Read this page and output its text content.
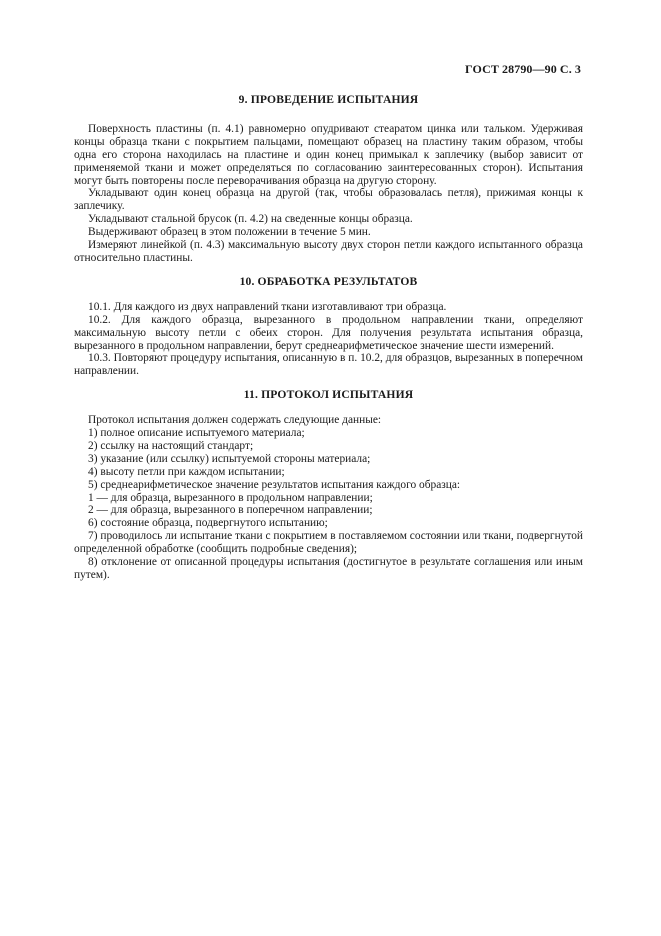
ГОСТ 28790—90 С. 3
9. ПРОВЕДЕНИЕ ИСПЫТАНИЯ

Поверхность пластины (п. 4.1) равномерно опудривают стеаратом цинка или тальком. Удерживая концы образца ткани с покрытием пальцами, помещают образец на пластину таким образом, чтобы одна его сторона находилась на пластине и один конец примыкал к заплечику (выбор зависит от применяемой ткани и может определяться по согласованию заинтересованных сторон). Испытания могут быть повторены после переворачивания образца на другую сторону.

Укладывают один конец образца на другой (так, чтобы образовалась петля), прижимая концы к заплечику.

Укладывают стальной брусок (п. 4.2) на сведенные концы образца.

Выдерживают образец в этом положении в течение 5 мин.

Измеряют линейкой (п. 4.3) максимальную высоту двух сторон петли каждого испытанного образца относительно пластины.

10. ОБРАБОТКА РЕЗУЛЬТАТОВ

10.1. Для каждого из двух направлений ткани изготавливают три образца.

10.2. Для каждого образца, вырезанного в продольном направлении ткани, определяют максимальную высоту петли с обеих сторон. Для получения результата испытания образца, вырезанного в продольном направлении, берут среднеарифметическое значение шести измерений.

10.3. Повторяют процедуру испытания, описанную в п. 10.2, для образцов, вырезанных в поперечном направлении.

11. ПРОТОКОЛ ИСПЫТАНИЯ

Протокол испытания должен содержать следующие данные:

1) полное описание испытуемого материала;

2) ссылку на настоящий стандарт;

3) указание (или ссылку) испытуемой стороны материала;

4) высоту петли при каждом испытании;

5) среднеарифметическое значение результатов испытания каждого образца:

1 — для образца, вырезанного в продольном направлении;

2 — для образца, вырезанного в поперечном направлении;

6) состояние образца, подвергнутого испытанию;

7) проводилось ли испытание ткани с покрытием в поставляемом состоянии или ткани, подвергнутой определенной обработке (сообщить подробные сведения);

8) отклонение от описанной процедуры испытания (достигнутое в результате соглашения или иным путем).
